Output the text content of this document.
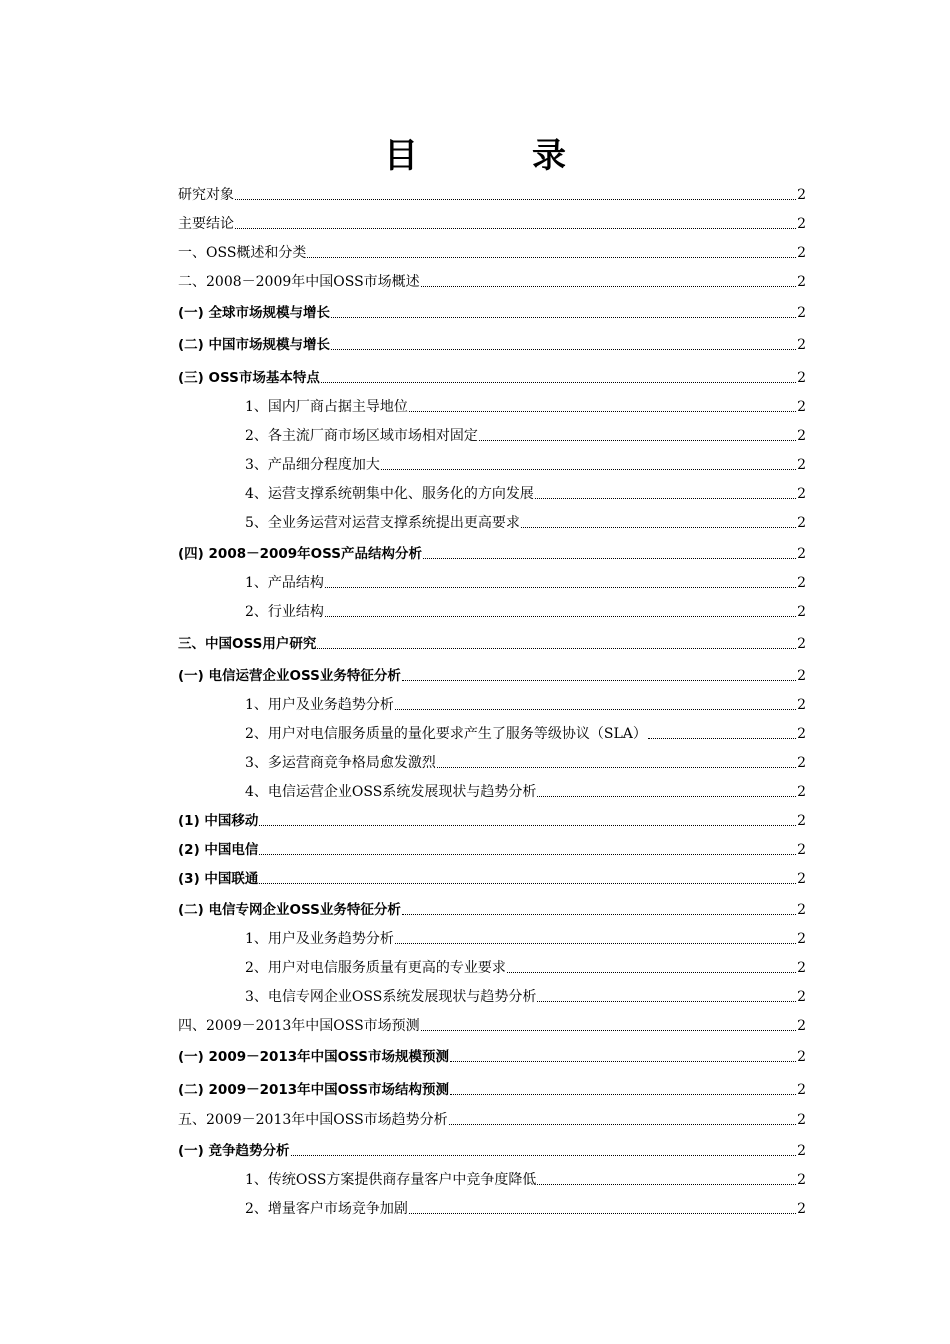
目　录
研究对象	2
主要结论	2
一、OSS概述和分类	2
二、2008－2009年中国OSS市场概述	2
(一) 全球市场规模与增长	2
(二) 中国市场规模与增长	2
(三) OSS市场基本特点	2
1、国内厂商占据主导地位	2
2、各主流厂商市场区域市场相对固定	2
3、产品细分程度加大	2
4、运营支撑系统朝集中化、服务化的方向发展	2
5、全业务运营对运营支撑系统提出更高要求	2
(四) 2008－2009年OSS产品结构分析	2
1、产品结构	2
2、行业结构	2
三、中国OSS用户研究	2
(一) 电信运营企业OSS业务特征分析	2
1、用户及业务趋势分析	2
2、用户对电信服务质量的量化要求产生了服务等级协议（SLA）	2
3、多运营商竞争格局愈发激烈	2
4、电信运营企业OSS系统发展现状与趋势分析	2
(1) 中国移动	2
(2) 中国电信	2
(3) 中国联通	2
(二) 电信专网企业OSS业务特征分析	2
1、用户及业务趋势分析	2
2、用户对电信服务质量有更高的专业要求	2
3、电信专网企业OSS系统发展现状与趋势分析	2
四、2009－2013年中国OSS市场预测	2
(一) 2009－2013年中国OSS市场规模预测	2
(二) 2009－2013年中国OSS市场结构预测	2
五、2009－2013年中国OSS市场趋势分析	2
(一) 竞争趋势分析	2
1、传统OSS方案提供商存量客户中竞争度降低	2
2、增量客户市场竞争加剧	2
